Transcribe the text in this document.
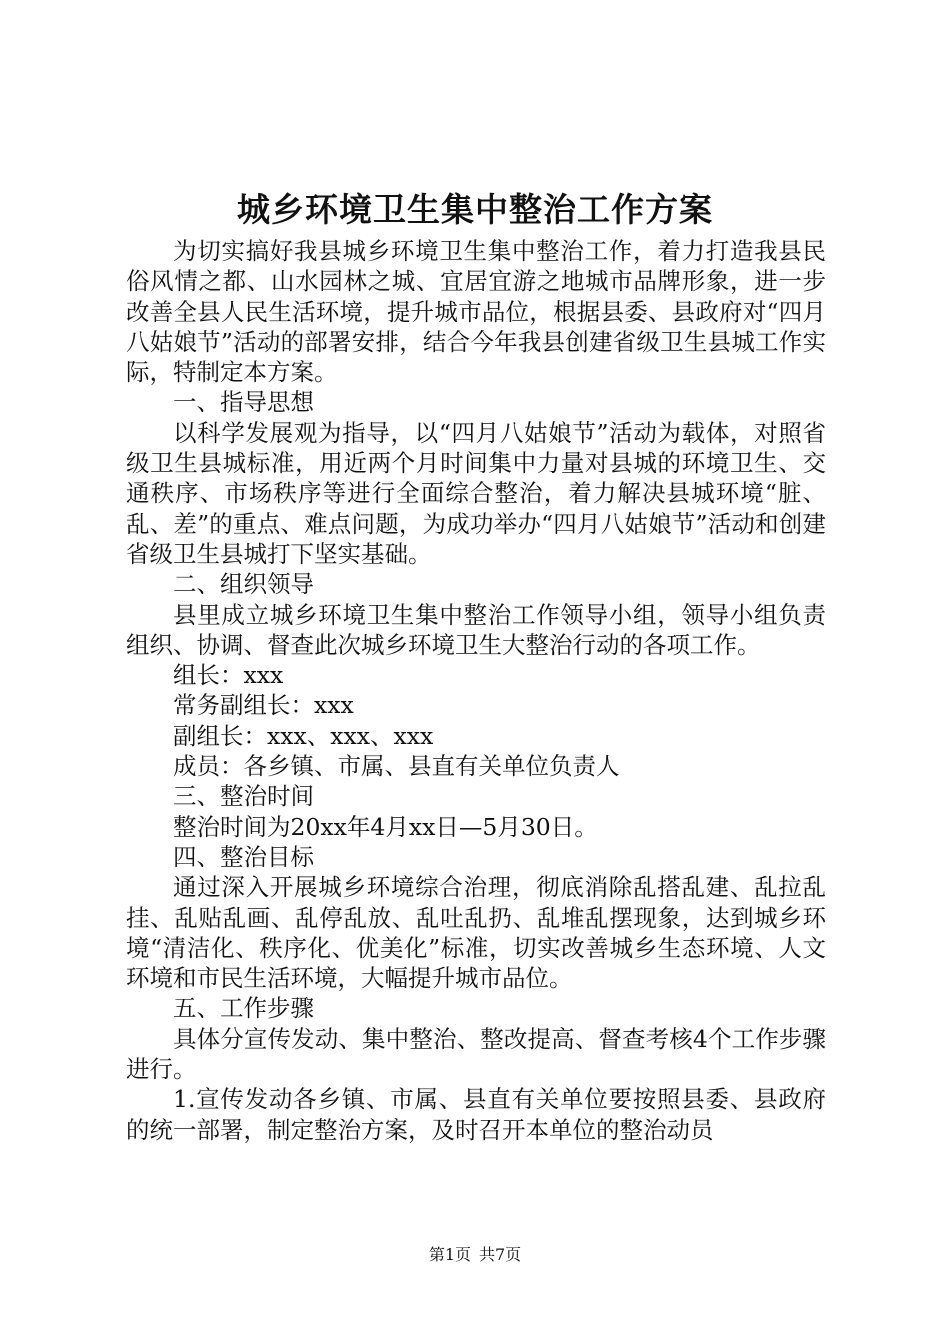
城乡环境卫生集中整治工作方案

为切实搞好我县城乡环境卫生集中整治工作，着力打造我县民俗风情之都、山水园林之城、宜居宜游之地城市品牌形象，进一步改善全县人民生活环境，提升城市品位，根据县委、县政府对“四月八姑娘节”活动的部署安排，结合今年我县创建省级卫生县城工作实际，特制定本方案。

一、指导思想

以科学发展观为指导，以“四月八姑娘节”活动为载体，对照省级卫生县城标准，用近两个月时间集中力量对县城的环境卫生、交通秩序、市场秩序等进行全面综合整治，着力解决县城环境“脏、乱、差”的重点、难点问题，为成功举办“四月八姑娘节”活动和创建省级卫生县城打下坚实基础。

二、组织领导

县里成立城乡环境卫生集中整治工作领导小组，领导小组负责组织、协调、督查此次城乡环境卫生大整治行动的各项工作。

组长：xxx

常务副组长：xxx

副组长：xxx、xxx、xxx

成员：各乡镇、市属、县直有关单位负责人

三、整治时间

整治时间为20xx年4月xx日—5月30日。

四、整治目标

通过深入开展城乡环境综合治理，彻底消除乱搭乱建、乱拉乱挂、乱贴乱画、乱停乱放、乱吐乱扔、乱堆乱摆现象，达到城乡环境“清洁化、秩序化、优美化”标准，切实改善城乡生态环境、人文环境和市民生活环境，大幅提升城市品位。

五、工作步骤

具体分宣传发动、集中整治、整改提高、督查考核4个工作步骤进行。

1.宣传发动各乡镇、市属、县直有关单位要按照县委、县政府的统一部署，制定整治方案，及时召开本单位的整治动员

第1页 共7页
